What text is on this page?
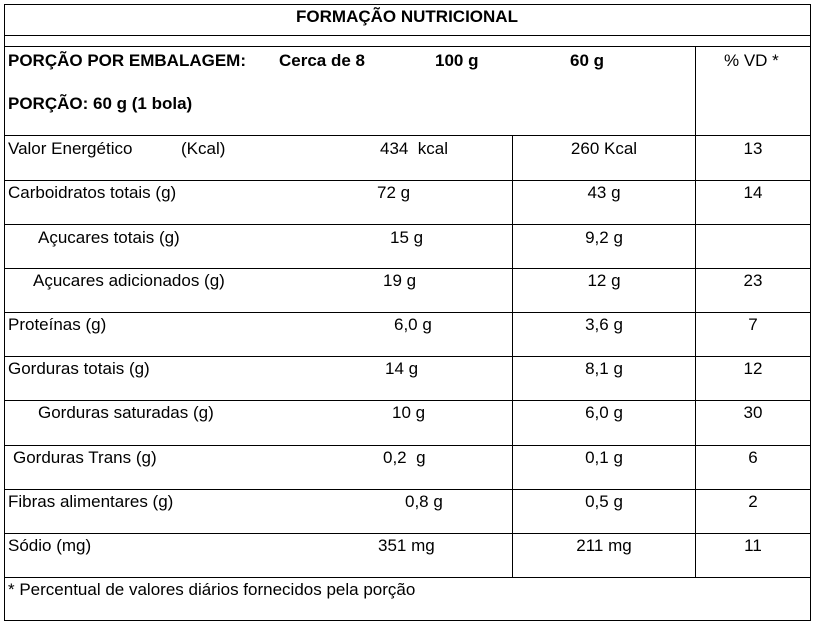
FORMAÇÃO NUTRICIONAL
PORÇÃO POR EMBALAGEM: Cerca de 8	100 g	60 g	% VD *
PORÇÃO: 60 g (1 bola)
Valor Energético	(Kcal)	434  kcal	260 Kcal	13
Carboidratos totais (g)	72 g	43 g	14
Açucares totais (g)	15 g	9,2 g
Açucares adicionados (g)	19 g	12 g	23
Proteínas (g)	6,0 g	3,6 g	7
Gorduras totais (g)	14 g	8,1 g	12
Gorduras saturadas (g)	10 g	6,0 g	30
Gorduras Trans (g)	0,2  g	0,1 g	6
Fibras alimentares (g)	0,8 g	0,5 g	2
Sódio (mg)	351 mg	211 mg	11
* Percentual de valores diários fornecidos pela porção
